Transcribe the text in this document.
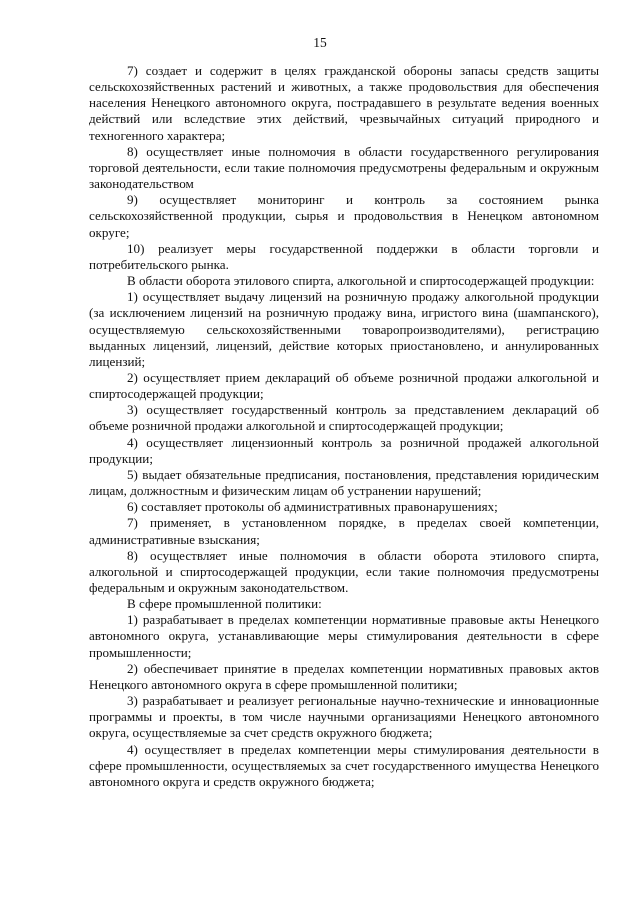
15

7) создает и содержит в целях гражданской обороны запасы средств защиты сельскохозяйственных растений и животных, а также продовольствия для обеспечения населения Ненецкого автономного округа, пострадавшего в результате ведения военных действий или вследствие этих действий, чрезвычайных ситуаций природного и техногенного характера;

8) осуществляет иные полномочия в области государственного регулирования торговой деятельности, если такие полномочия предусмотрены федеральным и окружным законодательством

9) осуществляет мониторинг и контроль за состоянием рынка сельскохозяйственной продукции, сырья и продовольствия в Ненецком автономном округе;

10) реализует меры государственной поддержки в области торговли и потребительского рынка.

В области оборота этилового спирта, алкогольной и спиртосодержащей продукции:

1) осуществляет выдачу лицензий на розничную продажу алкогольной продукции (за исключением лицензий на розничную продажу вина, игристого вина (шампанского), осуществляемую сельскохозяйственными товаропроизводителями), регистрацию выданных лицензий, лицензий, действие которых приостановлено, и аннулированных лицензий;

2) осуществляет прием деклараций об объеме розничной продажи алкогольной и спиртосодержащей продукции;

3) осуществляет государственный контроль за представлением деклараций об объеме розничной продажи алкогольной и спиртосодержащей продукции;

4) осуществляет лицензионный контроль за розничной продажей алкогольной продукции;

5) выдает обязательные предписания, постановления, представления юридическим лицам, должностным и физическим лицам об устранении нарушений;

6) составляет протоколы об административных правонарушениях;

7) применяет, в установленном порядке, в пределах своей компетенции, административные взыскания;

8) осуществляет иные полномочия в области оборота этилового спирта, алкогольной и спиртосодержащей продукции, если такие полномочия предусмотрены федеральным и окружным законодательством.

В сфере промышленной политики:

1) разрабатывает в пределах компетенции нормативные правовые акты Ненецкого автономного округа, устанавливающие меры стимулирования деятельности в сфере промышленности;

2) обеспечивает принятие в пределах компетенции нормативных правовых актов Ненецкого автономного округа в сфере промышленной политики;

3) разрабатывает и реализует региональные научно-технические и инновационные программы и проекты, в том числе научными организациями Ненецкого автономного округа, осуществляемые за счет средств окружного бюджета;

4) осуществляет в пределах компетенции меры стимулирования деятельности в сфере промышленности, осуществляемых за счет государственного имущества Ненецкого автономного округа и средств окружного бюджета;
